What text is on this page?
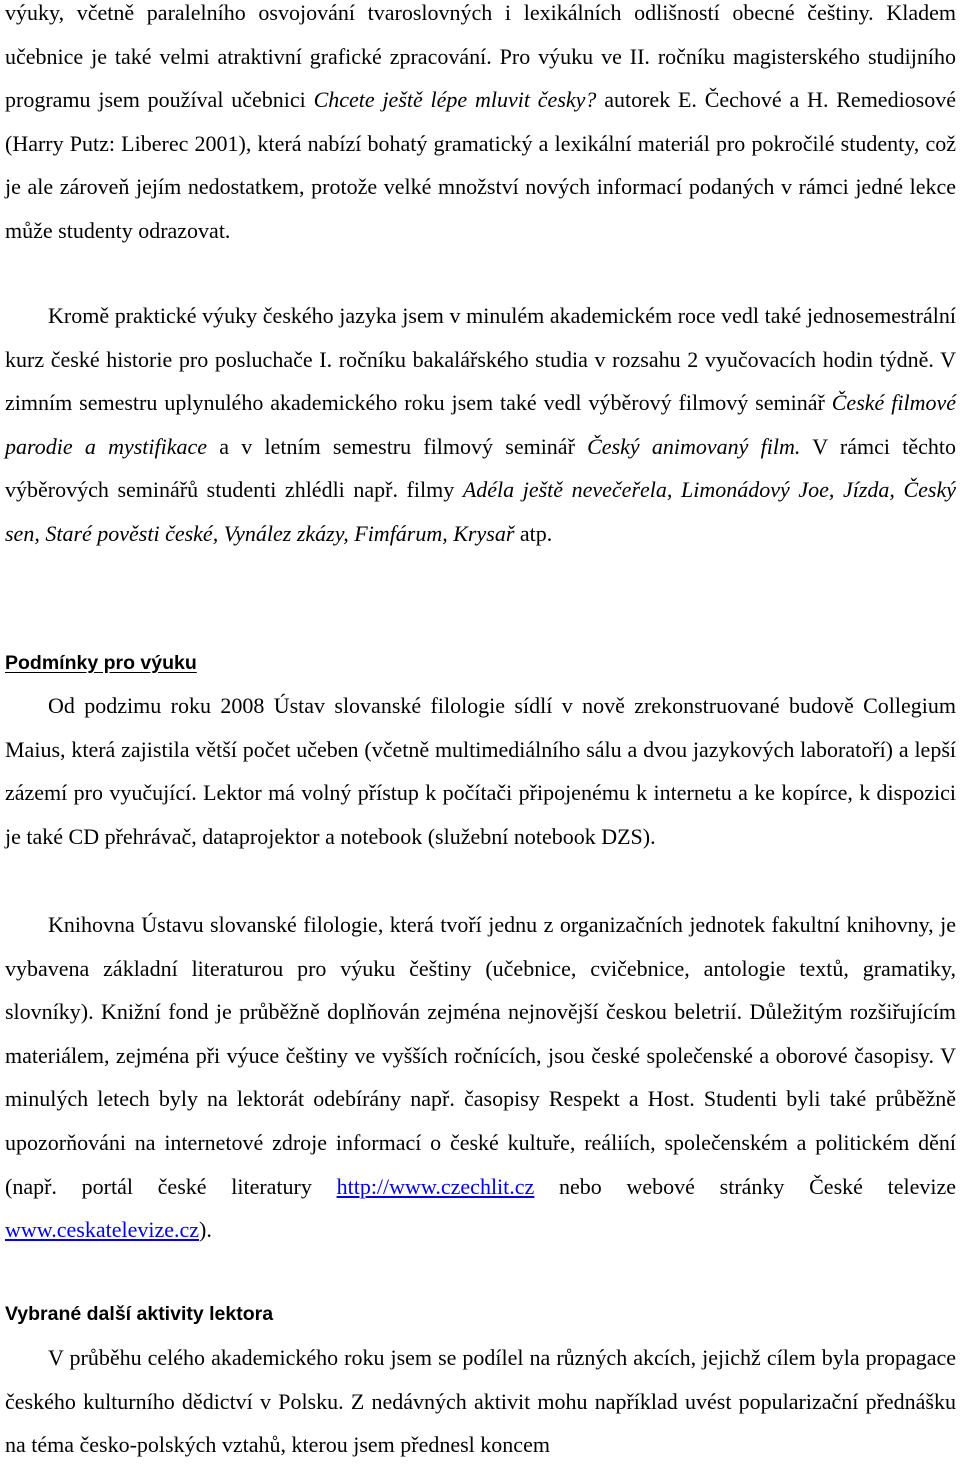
výuky, včetně paralelního osvojování tvaroslovných i lexikálních odlišností obecné češtiny. Kladem učebnice je také velmi atraktivní grafické zpracování. Pro výuku ve II. ročníku magisterského studijního programu jsem používal učebnici Chcete ještě lépe mluvit česky? autorek E. Čechové a H. Remediosové (Harry Putz: Liberec 2001), která nabízí bohatý gramatický a lexikální materiál pro pokročilé studenty, což je ale zároveň jejím nedostatkem, protože velké množství nových informací podaných v rámci jedné lekce může studenty odrazovat.

Kromě praktické výuky českého jazyka jsem v minulém akademickém roce vedl také jednosemestrální kurz české historie pro posluchače I. ročníku bakalářského studia v rozsahu 2 vyučovacích hodin týdně. V zimním semestru uplynulého akademického roku jsem také vedl výběrový filmový seminář České filmové parodie a mystifikace a v letním semestru filmový seminář Český animovaný film. V rámci těchto výběrových seminářů studenti zhlédli např. filmy Adéla ještě nevečeřela, Limonádový Joe, Jízda, Český sen, Staré pověsti české, Vynález zkázy, Fimfárum, Krysař atp.

Podmínky pro výuku

Od podzimu roku 2008 Ústav slovanské filologie sídlí v nově zrekonstruované budově Collegium Maius, která zajistila větší počet učeben (včetně multimediálního sálu a dvou jazykových laboratoří) a lepší zázemí pro vyučující. Lektor má volný přístup k počítači připojenému k internetu a ke kopírce, k dispozici je také CD přehrávač, dataprojektor a notebook (služební notebook DZS).

Knihovna Ústavu slovanské filologie, která tvoří jednu z organizačních jednotek fakultní knihovny, je vybavena základní literaturou pro výuku češtiny (učebnice, cvičebnice, antologie textů, gramatiky, slovníky). Knižní fond je průběžně doplňován zejména nejnovější českou beletrií. Důležitým rozšiřujícím materiálem, zejména při výuce češtiny ve vyšších ročnících, jsou české společenské a oborové časopisy. V minulých letech byly na lektorát odebírány např. časopisy Respekt a Host. Studenti byli také průběžně upozorňováni na internetové zdroje informací o české kultuře, reáliích, společenském a politickém dění (např. portál české literatury http://www.czechlit.cz nebo webové stránky České televize www.ceskatelevize.cz).

Vybrané další aktivity lektora

V průběhu celého akademického roku jsem se podílel na různých akcích, jejichž cílem byla propagace českého kulturního dědictví v Polsku. Z nedávných aktivit mohu například uvést popularizační přednášku na téma česko-polských vztahů, kterou jsem přednesl koncem
